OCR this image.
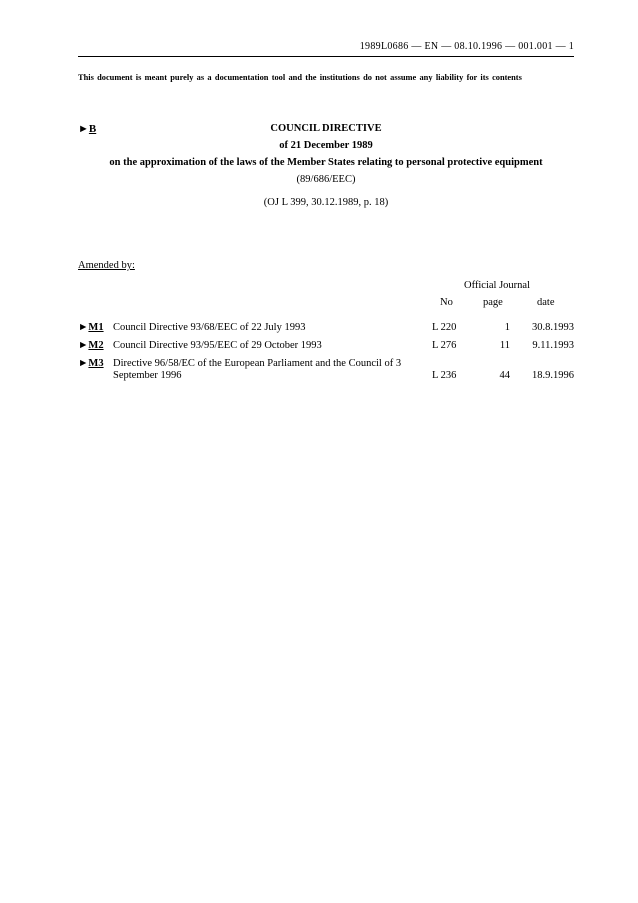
1989L0686 — EN — 08.10.1996 — 001.001 — 1
This document is meant purely as a documentation tool and the institutions do not assume any liability for its contents
COUNCIL DIRECTIVE
of 21 December 1989
on the approximation of the laws of the Member States relating to personal protective equipment
(89/686/EEC)
(OJ L 399, 30.12.1989, p. 18)
►B
Amended by:
Official Journal
No	page	date
►M1 Council Directive 93/68/EEC of 22 July 1993	L 220	1	30.8.1993
►M2 Council Directive 93/95/EEC of 29 October 1993	L 276	11	9.11.1993
►M3 Directive 96/58/EC of the European Parliament and the Council of 3 September 1996	L 236	44	18.9.1996
